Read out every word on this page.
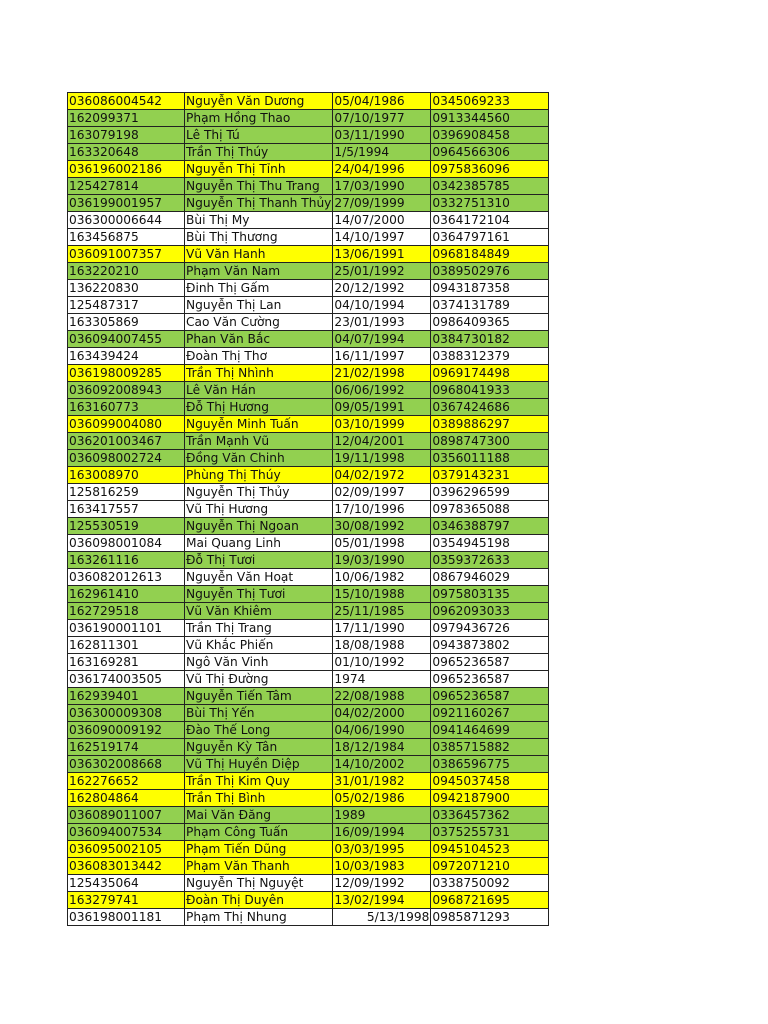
036086004542	Nguyễn Văn Dương	05/04/1986	0345069233
162099371	Phạm Hồng Thao	07/10/1977	0913344560
163079198	Lê Thị Tú	03/11/1990	0396908458
163320648	Trần Thị Thúy	1/5/1994	0964566306
036196002186	Nguyễn Thị Tỉnh	24/04/1996	0975836096
125427814	Nguyễn Thị Thu Trang	17/03/1990	0342385785
036199001957	Nguyễn Thị Thanh Thủy	27/09/1999	0332751310
036300006644	Bùi Thị My	14/07/2000	0364172104
163456875	Bùi Thị Thương	14/10/1997	0364797161
036091007357	Vũ Văn Hanh	13/06/1991	0968184849
163220210	Phạm Văn Nam	25/01/1992	0389502976
136220830	Đinh Thị Gấm	20/12/1992	0943187358
125487317	Nguyễn Thị Lan	04/10/1994	0374131789
163305869	Cao Văn Cường	23/01/1993	0986409365
036094007455	Phan Văn Bắc	04/07/1994	0384730182
163439424	Đoàn Thị Thơ	16/11/1997	0388312379
036198009285	Trần Thị Nhình	21/02/1998	0969174498
036092008943	Lê Văn Hán	06/06/1992	0968041933
163160773	Đỗ Thị Hương	09/05/1991	0367424686
036099004080	Nguyễn Minh Tuấn	03/10/1999	0389886297
036201003467	Trần Mạnh Vũ	12/04/2001	0898747300
036098002724	Đồng Văn Chinh	19/11/1998	0356011188
163008970	Phùng Thị Thúy	04/02/1972	0379143231
125816259	Nguyễn Thị Thủy	02/09/1997	0396296599
163417557	Vũ Thị Hương	17/10/1996	0978365088
125530519	Nguyễn Thị Ngoan	30/08/1992	0346388797
036098001084	Mai Quang Linh	05/01/1998	0354945198
163261116	Đỗ Thị Tươi	19/03/1990	0359372633
036082012613	Nguyễn Văn Hoạt	10/06/1982	0867946029
162961410	Nguyễn Thị Tươi	15/10/1988	0975803135
162729518	Vũ Văn Khiêm	25/11/1985	0962093033
036190001101	Trần Thị Trang	17/11/1990	0979436726
162811301	Vũ Khắc Phiến	18/08/1988	0943873802
163169281	Ngô Văn Vinh	01/10/1992	0965236587
036174003505	Vũ Thị Đường	1974	0965236587
162939401	Nguyễn Tiến Tâm	22/08/1988	0965236587
036300009308	Bùi Thị Yến	04/02/2000	0921160267
036090009192	Đào Thế Long	04/06/1990	0941464699
162519174	Nguyễn Kỳ Tân	18/12/1984	0385715882
036302008668	Vũ Thị Huyền Diệp	14/10/2002	0386596775
162276652	Trần Thị Kim Quy	31/01/1982	0945037458
162804864	Trần Thị Bình	05/02/1986	0942187900
036089011007	Mai Văn Đăng	1989	0336457362
036094007534	Phạm Công Tuấn	16/09/1994	0375255731
036095002105	Phạm Tiến Dũng	03/03/1995	0945104523
036083013442	Phạm Văn Thanh	10/03/1983	0972071210
125435064	Nguyễn Thị Nguyệt	12/09/1992	0338750092
163279741	Đoàn Thị Duyên	13/02/1994	0968721695
036198001181	Phạm Thị Nhung	5/13/1998	0985871293
